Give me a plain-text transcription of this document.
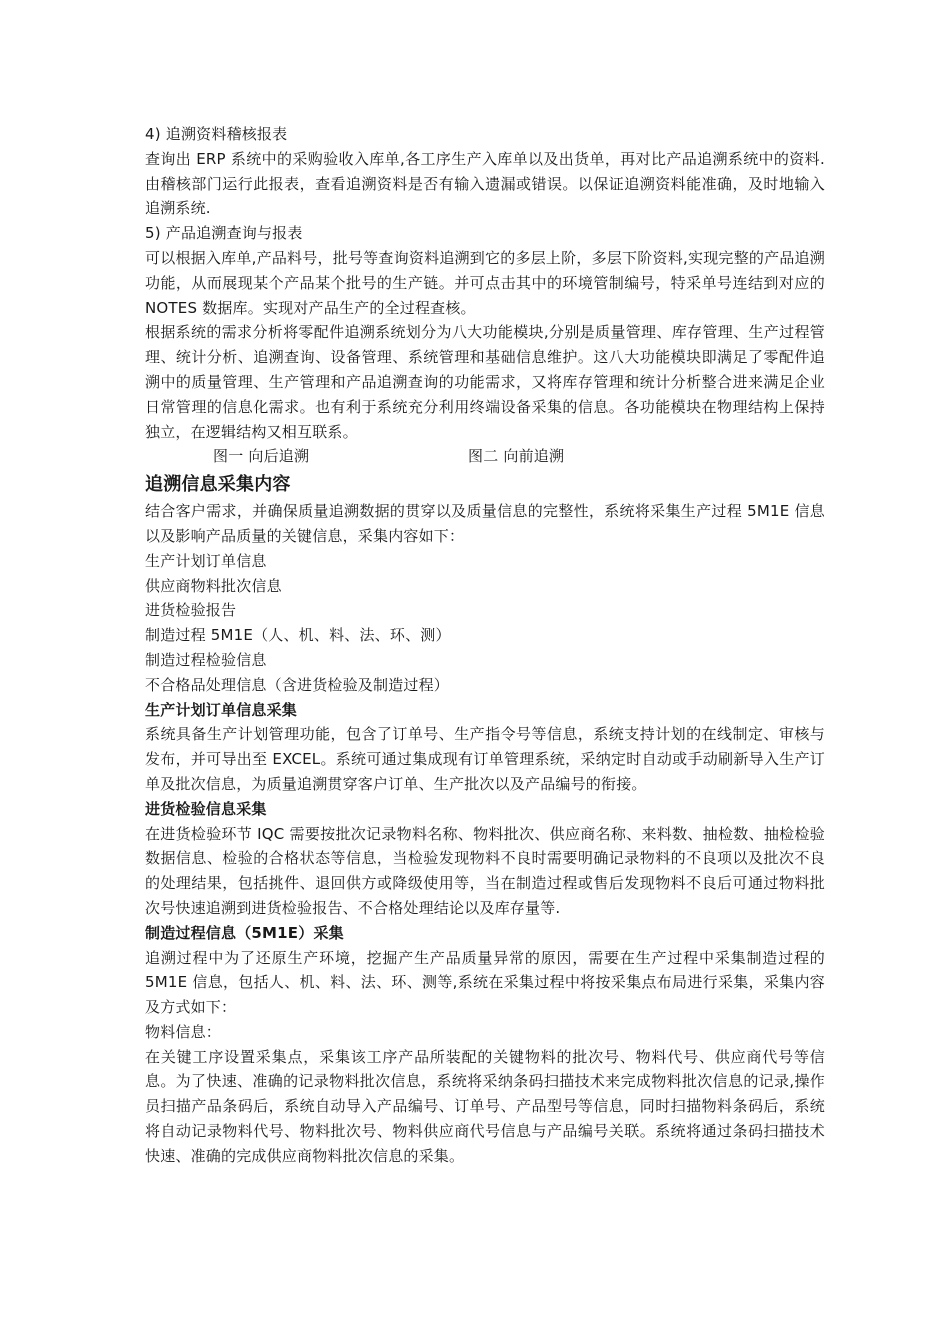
4) 追溯资料稽核报表

查询出 ERP 系统中的采购验收入库单,各工序生产入库单以及出货单，再对比产品追溯系统中的资料.由稽核部门运行此报表，查看追溯资料是否有输入遗漏或错误。以保证追溯资料能准确，及时地输入追溯系统.

5) 产品追溯查询与报表

可以根据入库单,产品料号，批号等查询资料追溯到它的多层上阶，多层下阶资料,实现完整的产品追溯功能，从而展现某个产品某个批号的生产链。并可点击其中的环境管制编号，特采单号连结到对应的 NOTES 数据库。实现对产品生产的全过程查核。

根据系统的需求分析将零配件追溯系统划分为八大功能模块,分别是质量管理、库存管理、生产过程管理、统计分析、追溯查询、设备管理、系统管理和基础信息维护。这八大功能模块即满足了零配件追溯中的质量管理、生产管理和产品追溯查询的功能需求，又将库存管理和统计分析整合进来满足企业日常管理的信息化需求。也有利于系统充分利用终端设备采集的信息。各功能模块在物理结构上保持独立，在逻辑结构又相互联系。

图一 向后追溯	图二 向前追溯

追溯信息采集内容

结合客户需求，并确保质量追溯数据的贯穿以及质量信息的完整性，系统将采集生产过程 5M1E 信息以及影响产品质量的关键信息，采集内容如下：

生产计划订单信息

供应商物料批次信息

进货检验报告

制造过程 5M1E（人、机、料、法、环、测）

制造过程检验信息

不合格品处理信息（含进货检验及制造过程）

生产计划订单信息采集

系统具备生产计划管理功能，包含了订单号、生产指令号等信息，系统支持计划的在线制定、审核与发布，并可导出至 EXCEL。系统可通过集成现有订单管理系统，采纳定时自动或手动刷新导入生产订单及批次信息，为质量追溯贯穿客户订单、生产批次以及产品编号的衔接。

进货检验信息采集

在进货检验环节 IQC 需要按批次记录物料名称、物料批次、供应商名称、来料数、抽检数、抽检检验数据信息、检验的合格状态等信息，当检验发现物料不良时需要明确记录物料的不良项以及批次不良的处理结果，包括挑件、退回供方或降级使用等，当在制造过程或售后发现物料不良后可通过物料批次号快速追溯到进货检验报告、不合格处理结论以及库存量等.

制造过程信息（5M1E）采集

追溯过程中为了还原生产环境，挖掘产生产品质量异常的原因，需要在生产过程中采集制造过程的 5M1E 信息，包括人、机、料、法、环、测等,系统在采集过程中将按采集点布局进行采集，采集内容及方式如下：

物料信息：

在关键工序设置采集点，采集该工序产品所装配的关键物料的批次号、物料代号、供应商代号等信息。为了快速、准确的记录物料批次信息，系统将采纳条码扫描技术来完成物料批次信息的记录,操作员扫描产品条码后，系统自动导入产品编号、订单号、产品型号等信息，同时扫描物料条码后，系统将自动记录物料代号、物料批次号、物料供应商代号信息与产品编号关联。系统将通过条码扫描技术快速、准确的完成供应商物料批次信息的采集。
